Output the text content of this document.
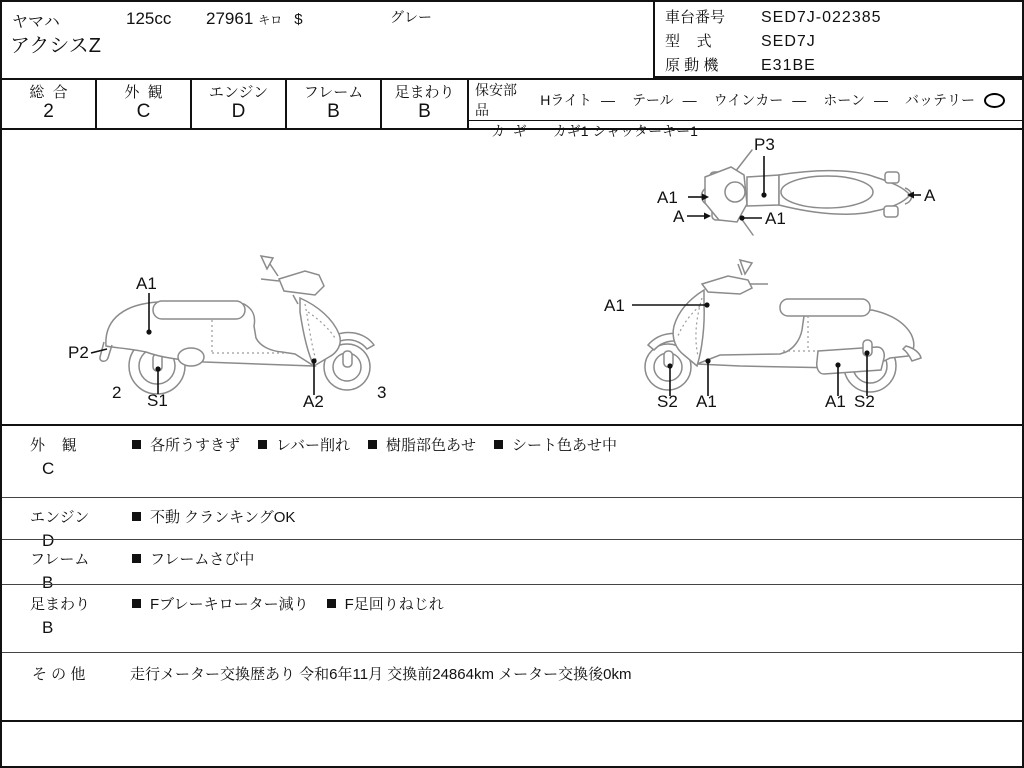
ヤマハ
アクシスZ
125cc 27961 キロ $	グレー	車台番号	SED7J-022385
型    式	SED7J
原 動 機	E31BE
総  合
2
外  観
C
エンジン
D
フレーム
B
足まわり
B
保安部品
Hライト — テール — ウインカー — ホーン — バッテリー
カ  ギ カギ1 シャッターキー1
P3
A1
A	A1
A
A1
P2
2 S1	A2	3
A1
S2 A1	A1 S2
外    観
C
各所うすきず	レバー削れ	樹脂部色あせ	シート色あせ中
エンジン
D
不動 クランキングOK
フレーム
B
フレームさび中
足まわり
B
Fブレーキローター減り	F足回りねじれ
そ の 他	走行メーター交換歴あり 令和6年11月 交換前24864km メーター交換後0km
